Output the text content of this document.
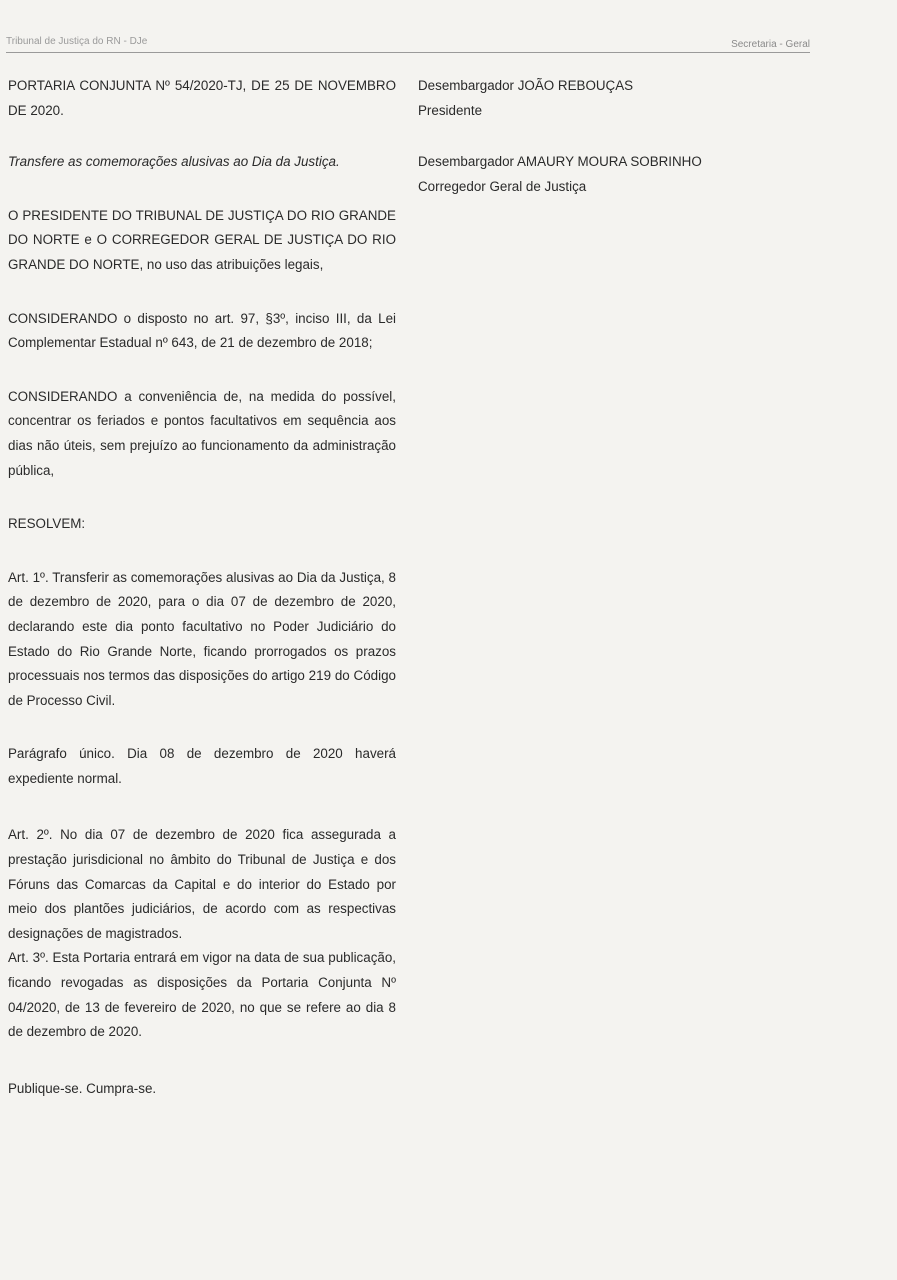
Tribunal de Justiça do RN - DJe	Secretaria - Geral

PORTARIA CONJUNTA Nº 54/2020-TJ, DE 25 DE NOVEMBRO DE 2020.

Transfere as comemorações alusivas ao Dia da Justiça.

O PRESIDENTE DO TRIBUNAL DE JUSTIÇA DO RIO GRANDE DO NORTE e O CORREGEDOR GERAL DE JUSTIÇA DO RIO GRANDE DO NORTE, no uso das atribuições legais,

CONSIDERANDO o disposto no art. 97, §3º, inciso III, da Lei Complementar Estadual nº 643, de 21 de dezembro de 2018;

CONSIDERANDO a conveniência de, na medida do possível, concentrar os feriados e pontos facultativos em sequência aos dias não úteis, sem prejuízo ao funcionamento da administração pública,

RESOLVEM:

Art. 1º. Transferir as comemorações alusivas ao Dia da Justiça, 8 de dezembro de 2020, para o dia 07 de dezembro de 2020, declarando este dia ponto facultativo no Poder Judiciário do Estado do Rio Grande Norte, ficando prorrogados os prazos processuais nos termos das disposições do artigo 219 do Código de Processo Civil.

Parágrafo único. Dia 08 de dezembro de 2020 haverá expediente normal.

Art. 2º. No dia 07 de dezembro de 2020 fica assegurada a prestação jurisdicional no âmbito do Tribunal de Justiça e dos Fóruns das Comarcas da Capital e do interior do Estado por meio dos plantões judiciários, de acordo com as respectivas designações de magistrados.

Art. 3º. Esta Portaria entrará em vigor na data de sua publicação, ficando revogadas as disposições da Portaria Conjunta Nº 04/2020, de 13 de fevereiro de 2020, no que se refere ao dia 8 de dezembro de 2020.

Publique-se. Cumpra-se.

Desembargador JOÃO REBOUÇAS

Presidente

Desembargador AMAURY MOURA SOBRINHO

Corregedor Geral de Justiça
